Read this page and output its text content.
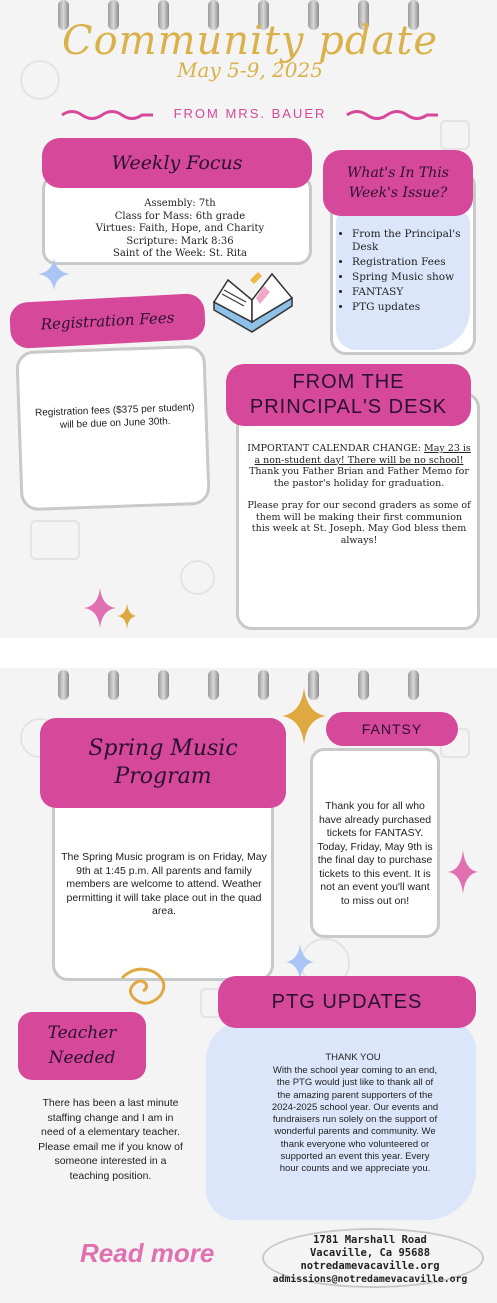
Community pdate
May 5-9, 2025
FROM MRS. BAUER
Weekly Focus
Assembly: 7th
Class for Mass: 6th grade
Virtues: Faith, Hope, and Charity
Scripture: Mark 8:36
Saint of the Week: St. Rita
What's In This
Week's Issue?
• From the Principal's Desk
• Registration Fees
• Spring Music show
• FANTASY
• PTG updates
Registration Fees
Registration fees ($375 per student) will be due on June 30th.
FROM THE
PRINCIPAL'S DESK

IMPORTANT CALENDAR CHANGE: May 23 is a non-student day! There will be no school! Thank you Father Brian and Father Memo for the pastor's holiday for graduation.

Please pray for our second graders as some of them will be making their first communion this week at St. Joseph. May God bless them always!

Spring Music
Program
The Spring Music program is on Friday, May 9th at 1:45 p.m. All parents and family members are welcome to attend. Weather permitting it will take place out in the quad area.
FANTSY
Thank you for all who have already purchased tickets for FANTASY. Today, Friday, May 9th is the final day to purchase tickets to this event. It is not an event you'll want to miss out on!
PTG UPDATES
THANK YOU
With the school year coming to an end, the PTG would just like to thank all of the amazing parent supporters of the 2024-2025 school year. Our events and fundraisers run solely on the support of wonderful parents and community. We thank everyone who volunteered or supported an event this year. Every hour counts and we appreciate you.
Teacher
Needed
There has been a last minute staffing change and I am in need of a elementary teacher. Please email me if you know of someone interested in a teaching position.
Read more	1781 Marshall Road
Vacaville, Ca 95688
notredamevacaville.org
admissions@notredamevacaville.org
